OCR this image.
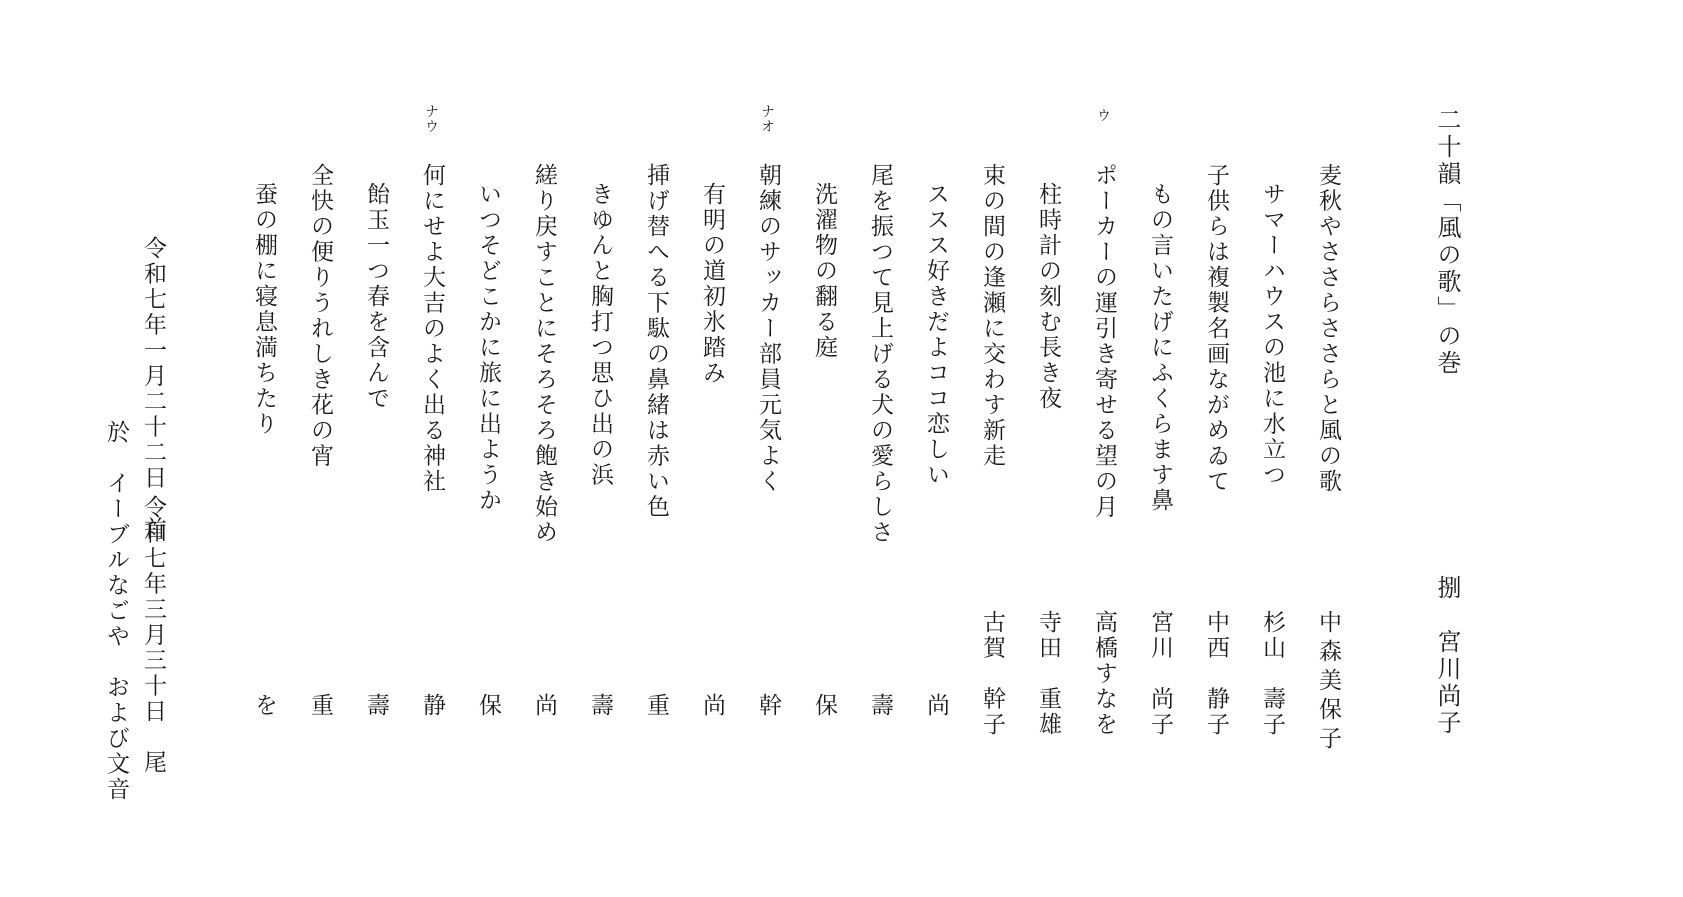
二十韻「風の歌」の巻
捌　宮川尚子
麦秋やささらささらと風の歌
中森美保子
サマーハウスの池に水立つ
杉山　壽子
子供らは複製名画ながめゐて
中西　静子
もの言いたげにふくらます鼻
宮川　尚子
ウ
ポーカーの運引き寄せる望の月
高橋すなを
柱時計の刻む長き夜
寺田　重雄
束の間の逢瀬に交わす新走
古賀　幹子
ススス好きだよココ恋しい
尚
尾を振つて見上げる犬の愛らしさ
壽
洗濯物の翻る庭
保
ナオ
朝練のサッカー部員元気よく
幹
有明の道初氷踏み
尚
挿げ替へる下駄の鼻緒は赤い色
重
きゆんと胸打つ思ひ出の浜
壽
縒り戻すことにそろそろ飽き始め
尚
いつそどこかに旅に出ようか
保
ナウ
何にせよ大吉のよく出る神社
静
飴玉一つ春を含んで
壽
全快の便りうれしき花の宵
重
蚕の棚に寝息満ちたり
を
令和七年一月二十二日　首
令和七年三月三十日　尾
於　イーブルなごや　および文音
